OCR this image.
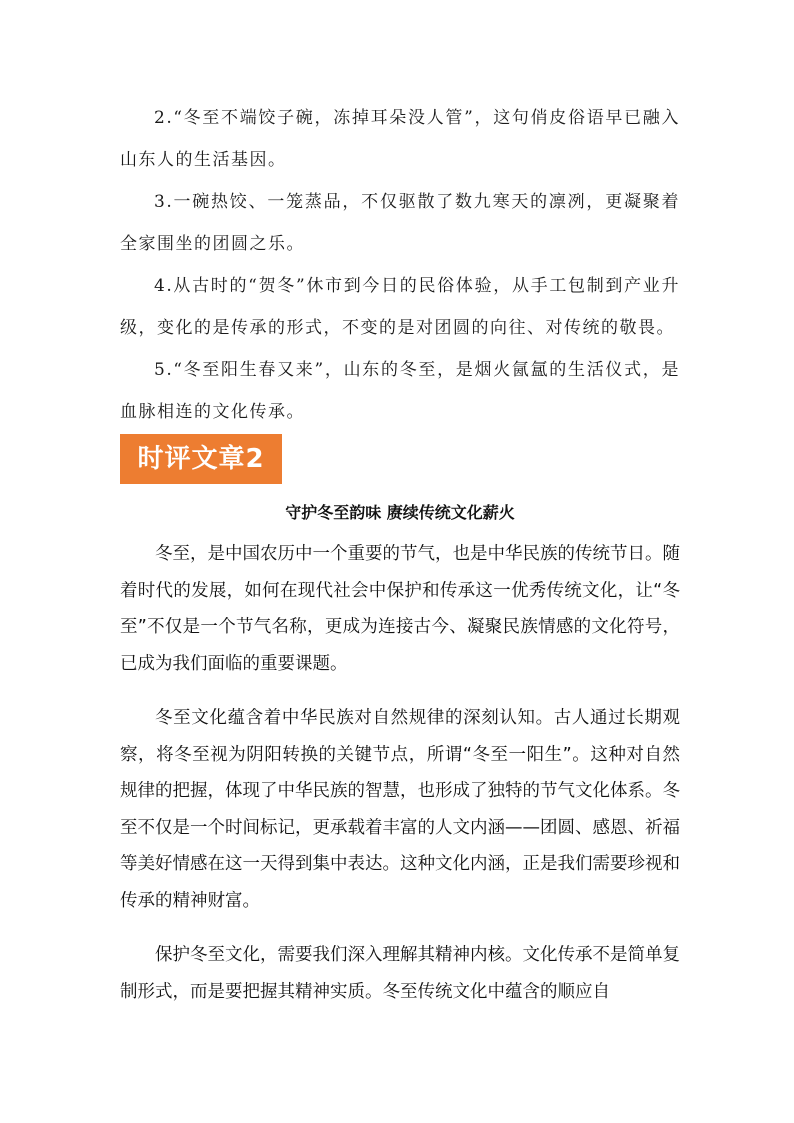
2.“冬至不端饺子碗，冻掉耳朵没人管”，这句俏皮俗语早已融入山东人的生活基因。

3.一碗热饺、一笼蒸品，不仅驱散了数九寒天的凛冽，更凝聚着全家围坐的团圆之乐。

4.从古时的“贺冬”休市到今日的民俗体验，从手工包制到产业升级，变化的是传承的形式，不变的是对团圆的向往、对传统的敬畏。

5.“冬至阳生春又来”，山东的冬至，是烟火氤氲的生活仪式，是血脉相连的文化传承。

时评文章2
守护冬至韵味 赓续传统文化薪火

冬至，是中国农历中一个重要的节气，也是中华民族的传统节日。随着时代的发展，如何在现代社会中保护和传承这一优秀传统文化，让“冬至”不仅是一个节气名称，更成为连接古今、凝聚民族情感的文化符号，已成为我们面临的重要课题。

冬至文化蕴含着中华民族对自然规律的深刻认知。古人通过长期观察，将冬至视为阴阳转换的关键节点，所谓“冬至一阳生”。这种对自然规律的把握，体现了中华民族的智慧，也形成了独特的节气文化体系。冬至不仅是一个时间标记，更承载着丰富的人文内涵——团圆、感恩、祈福等美好情感在这一天得到集中表达。这种文化内涵，正是我们需要珍视和传承的精神财富。

保护冬至文化，需要我们深入理解其精神内核。文化传承不是简单复制形式，而是要把握其精神实质。冬至传统文化中蕴含的顺应自
